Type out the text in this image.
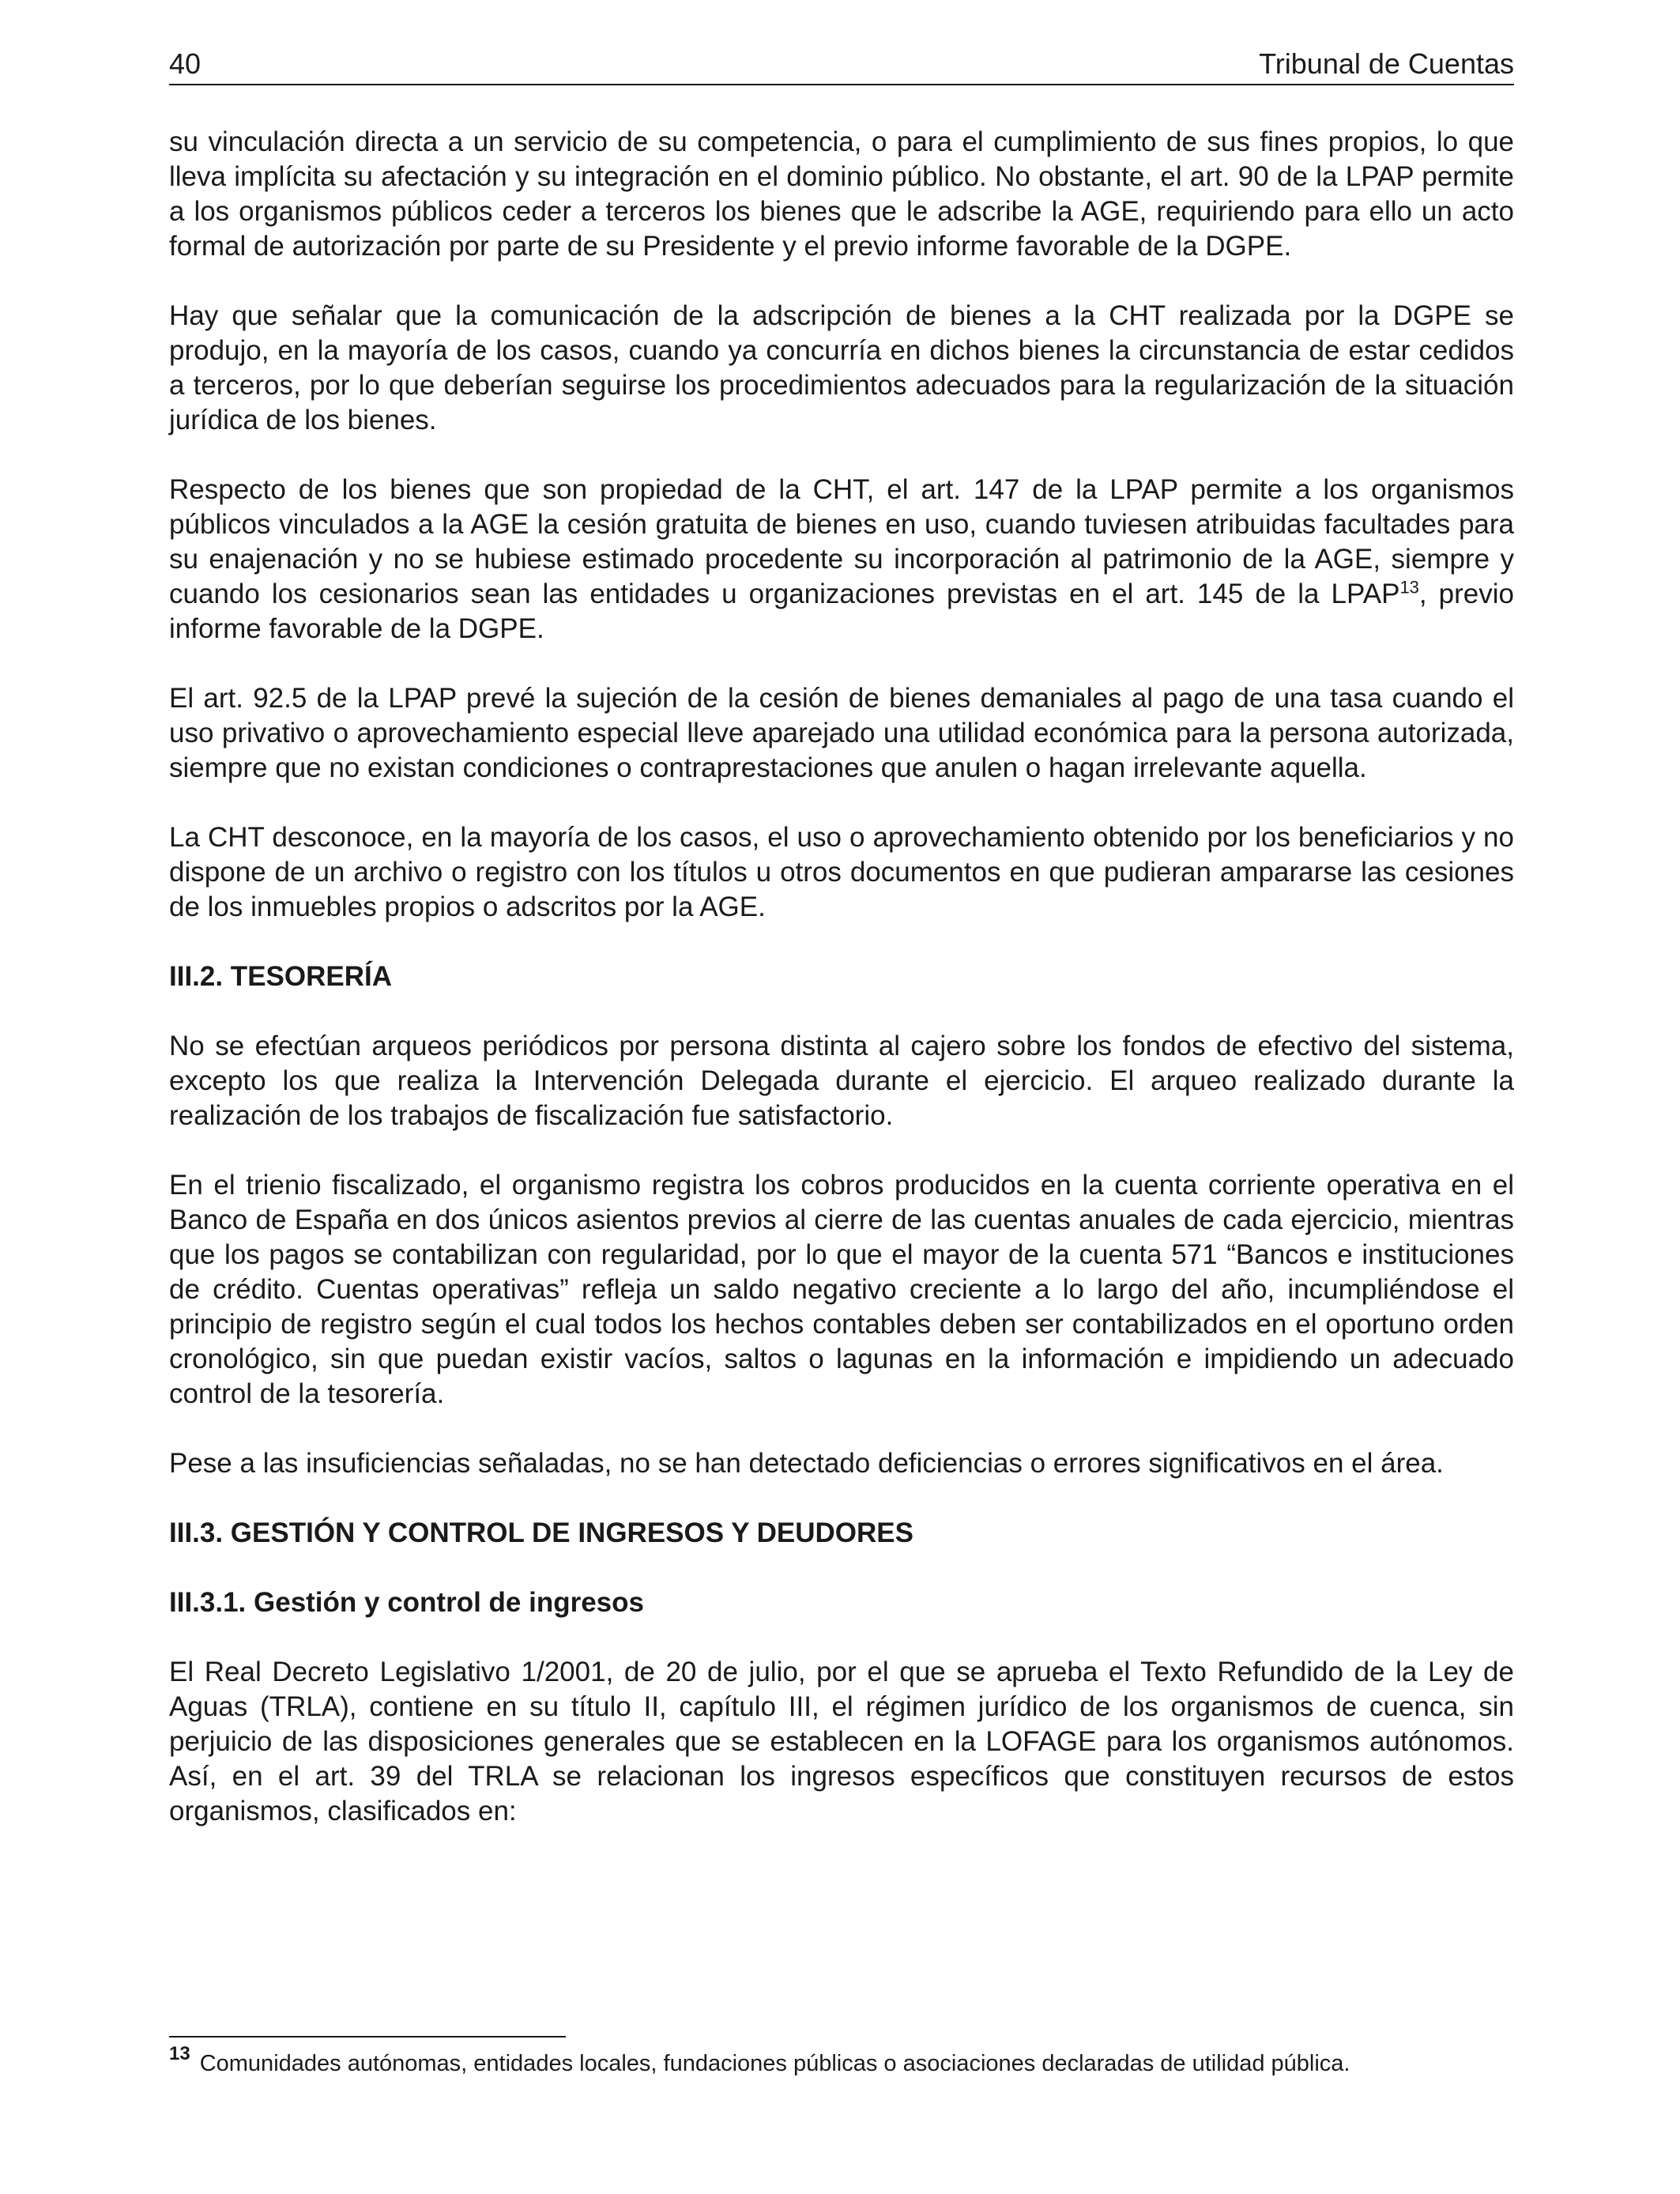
40	Tribunal de Cuentas

su vinculación directa a un servicio de su competencia, o para el cumplimiento de sus fines propios, lo que lleva implícita su afectación y su integración en el dominio público. No obstante, el art. 90 de la LPAP permite a los organismos públicos ceder a terceros los bienes que le adscribe la AGE, requiriendo para ello un acto formal de autorización por parte de su Presidente y el previo informe favorable de la DGPE.

Hay que señalar que la comunicación de la adscripción de bienes a la CHT realizada por la DGPE se produjo, en la mayoría de los casos, cuando ya concurría en dichos bienes la circunstancia de estar cedidos a terceros, por lo que deberían seguirse los procedimientos adecuados para la regularización de la situación jurídica de los bienes.

Respecto de los bienes que son propiedad de la CHT, el art. 147 de la LPAP permite a los organismos públicos vinculados a la AGE la cesión gratuita de bienes en uso, cuando tuviesen atribuidas facultades para su enajenación y no se hubiese estimado procedente su incorporación al patrimonio de la AGE, siempre y cuando los cesionarios sean las entidades u organizaciones previstas en el art. 145 de la LPAP$^{13}$, previo informe favorable de la DGPE.

El art. 92.5 de la LPAP prevé la sujeción de la cesión de bienes demaniales al pago de una tasa cuando el uso privativo o aprovechamiento especial lleve aparejado una utilidad económica para la persona autorizada, siempre que no existan condiciones o contraprestaciones que anulen o hagan irrelevante aquella.

La CHT desconoce, en la mayoría de los casos, el uso o aprovechamiento obtenido por los beneficiarios y no dispone de un archivo o registro con los títulos u otros documentos en que pudieran ampararse las cesiones de los inmuebles propios o adscritos por la AGE.

III.2. TESORERÍA

No se efectúan arqueos periódicos por persona distinta al cajero sobre los fondos de efectivo del sistema, excepto los que realiza la Intervención Delegada durante el ejercicio. El arqueo realizado durante la realización de los trabajos de fiscalización fue satisfactorio.

En el trienio fiscalizado, el organismo registra los cobros producidos en la cuenta corriente operativa en el Banco de España en dos únicos asientos previos al cierre de las cuentas anuales de cada ejercicio, mientras que los pagos se contabilizan con regularidad, por lo que el mayor de la cuenta 571 “Bancos e instituciones de crédito. Cuentas operativas” refleja un saldo negativo creciente a lo largo del año, incumpliéndose el principio de registro según el cual todos los hechos contables deben ser contabilizados en el oportuno orden cronológico, sin que puedan existir vacíos, saltos o lagunas en la información e impidiendo un adecuado control de la tesorería.

Pese a las insuficiencias señaladas, no se han detectado deficiencias o errores significativos en el área.

III.3. GESTIÓN Y CONTROL DE INGRESOS Y DEUDORES
III.3.1. Gestión y control de ingresos

El Real Decreto Legislativo 1/2001, de 20 de julio, por el que se aprueba el Texto Refundido de la Ley de Aguas (TRLA), contiene en su título II, capítulo III, el régimen jurídico de los organismos de cuenca, sin perjuicio de las disposiciones generales que se establecen en la LOFAGE para los organismos autónomos. Así, en el art. 39 del TRLA se relacionan los ingresos específicos que constituyen recursos de estos organismos, clasificados en:

$^{13}$ Comunidades autónomas, entidades locales, fundaciones públicas o asociaciones declaradas de utilidad pública.
